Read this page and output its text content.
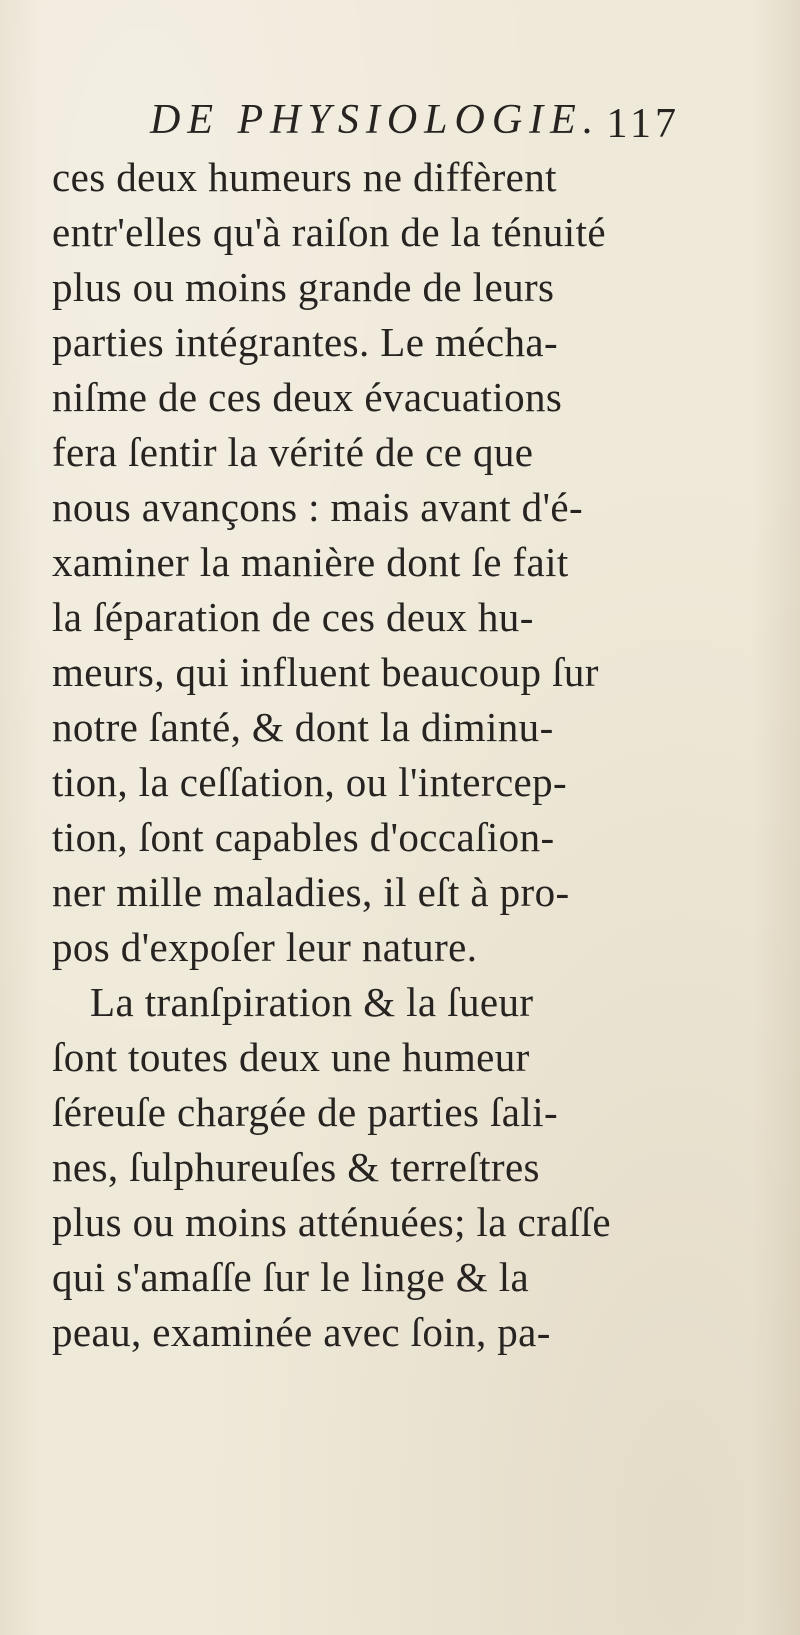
DE PHYSIOLOGIE. 117
ces deux humeurs ne diffèrent
entr'elles qu'à raiſon de la ténuité
plus ou moins grande de leurs
parties intégrantes. Le mécha-
niſme de ces deux évacuations
fera ſentir la vérité de ce que
nous avançons : mais avant d'é-
xaminer la manière dont ſe fait
la ſéparation de ces deux hu-
meurs, qui influent beaucoup ſur
notre ſanté, & dont la diminu-
tion, la ceſſation, ou l'intercep-
tion, ſont capables d'occaſion-
ner mille maladies, il eſt à pro-
pos d'expoſer leur nature.
La tranſpiration & la ſueur
ſont toutes deux une humeur
ſéreuſe chargée de parties ſali-
nes, ſulphureuſes & terreſtres
plus ou moins atténuées; la craſſe
qui s'amaſſe ſur le linge & la
peau, examinée avec ſoin, pa-
